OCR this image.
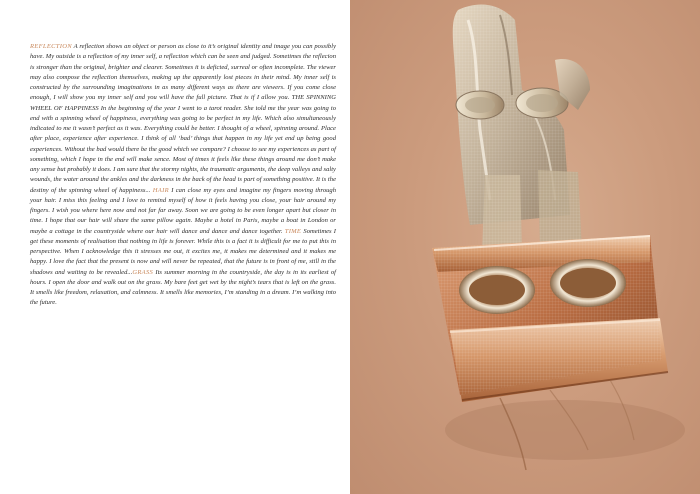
REFLECTION A reflection shows an object or person as close to it’s original identity and image you can possibly have. My outside is a reflection of my inner self, a reflection which can be seen and judged. Sometimes the reflecion is stronger than the original, brighter and clearer. Sometimes it is deficted, surreal or often incomplete. The viewer may also compose the reflection themselves, making up the apparently lost pieces in their mind. My inner self is constructed by the surrounding imaginations in as many different ways as there are viewers. If you come close enough, I will show you my inner self and you will have the full picture. That is if I allow you. THE SPINNING WHEEL OF HAPPINESS In the beginning of the year I went to a tarot reader. She told me the year was going to end with a spinning wheel of happiness, everything was going to be perfect in my life. Which also simultaneously indicated to me it wasn’t perfect as it was. Everything could be better. I thought of a wheel, spinning around. Place after place, experience after experience. I think of all ‘bad’ things that happen in my life yet end up being good experiences. Without the bad would there be the good which we compare? I choose to see my experiences as part of something, which I hope in the end will make sence. Most of times it feels like these things around me don’t make any sense but probably it does. I am sure that the stormy nights, the traumatic arguments, the deep valleys and salty wounds, the water around the ankles and the darkness in the back of the head is part of something positive. It is the destiny of the spinning wheel of happiness... HAIR I can close my eyes and imagine my fingers moving through your hair. I miss this feeling and I love to remind myself of how it feels having you close, your hair around my fingers. I wish you where here now and not far far away. Soon we are going to be even longer apart but closer in time. I hope that our hair will share the same pillow again. Maybe a hotel in Paris, maybe a boat in London or maybe a cottage in the countryside where our hair will dance and dance and dance together. TIME Sometimes I get these moments of realisation that nothing in life is forever. While this is a fact it is difficult for me to put this in perspective. When I acknowledge this it stresses me out, it excites me, it makes me determined and it makes me happy. I love the fact that the present is now and will never be repeated, that the future is in front of me, still in the shadows and waiting to be revealed...GRASS Its summer morning in the countryside, the day is in its earliest of hours. I open the door and walk out on the grass. My bare feet get wet by the night’s tears that is left on the grass. It smells like freedom, relaxation, and calmness. It smells like memories, I’m standing in a dream. I’m walking into the future.
